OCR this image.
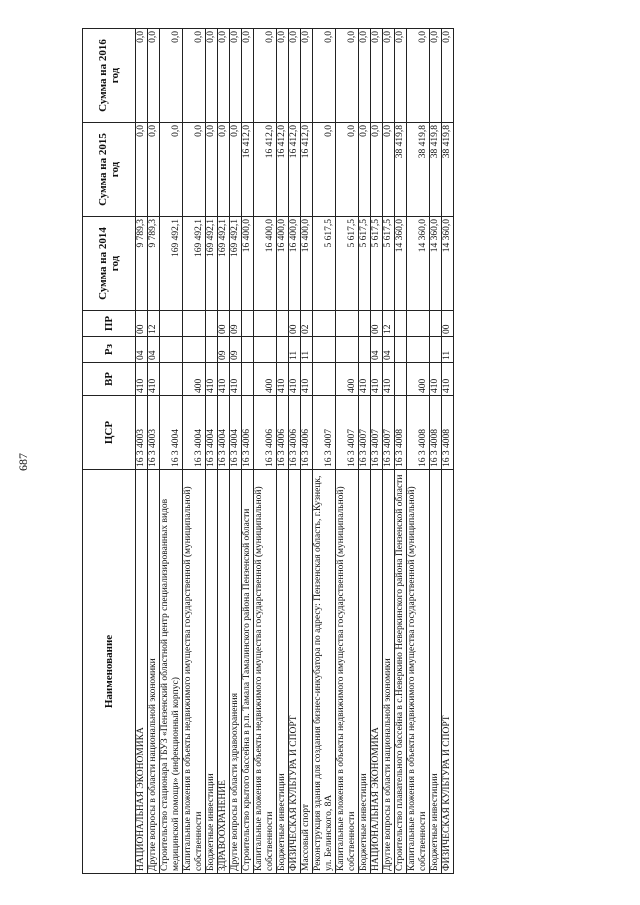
687
Наименование	ЦСР	ВР	Рз	ПР	Сумма на 2014 год	Сумма на 2015 год	Сумма на 2016 год
НАЦИОНАЛЬНАЯ ЭКОНОМИКА	16 3 4003	410	04	00	9 789,3	0,0	0,0
Другие вопросы в области национальной экономики	16 3 4003	410	04	12	9 789,3	0,0	0,0
Строительство стационара ГБУЗ «Пензенский областной центр специализированных видов медицинской помощи» (инфекционный корпус)	16 3 4004				169 492,1	0,0	0,0
Капитальные вложения в объекты недвижимого имущества государственной (муниципальной) собственности	16 3 4004	400			169 492,1	0,0	0,0
Бюджетные инвестиции	16 3 4004	410			169 492,1	0,0	0,0
ЗДРАВООХРАНЕНИЕ	16 3 4004	410	09	00	169 492,1	0,0	0,0
Другие вопросы в области здравоохранения	16 3 4004	410	09	09	169 492,1	0,0	0,0
Строительство крытого бассейна в р.п. Тамала Тамалинского района Пензенской области	16 3 4006				16 400,0	16 412,0	0,0
Капитальные вложения в объекты недвижимого имущества государственной (муниципальной) собственности	16 3 4006	400			16 400,0	16 412,0	0,0
Бюджетные инвестиции	16 3 4006	410			16 400,0	16 412,0	0,0
ФИЗИЧЕСКАЯ КУЛЬТУРА И СПОРТ	16 3 4006	410	11	00	16 400,0	16 412,0	0,0
Массовый спорт	16 3 4006	410	11	02	16 400,0	16 412,0	0,0
Реконструкция здания для создания бизнес-инкубатора по адресу: Пензенская область, г.Кузнецк, ул. Белинского, 8А	16 3 4007				5 617,5	0,0	0,0
Капитальные вложения в объекты недвижимого имущества государственной (муниципальной) собственности	16 3 4007	400			5 617,5	0,0	0,0
Бюджетные инвестиции	16 3 4007	410			5 617,5	0,0	0,0
НАЦИОНАЛЬНАЯ ЭКОНОМИКА	16 3 4007	410	04	00	5 617,5	0,0	0,0
Другие вопросы в области национальной экономики	16 3 4007	410	04	12	5 617,5	0,0	0,0
Строительство плавательного бассейна в с.Неверкино Неверкинского района Пензенской области	16 3 4008				14 360,0	38 419,8	0,0
Капитальные вложения в объекты недвижимого имущества государственной (муниципальной) собственности	16 3 4008	400			14 360,0	38 419,8	0,0
Бюджетные инвестиции	16 3 4008	410			14 360,0	38 419,8	0,0
ФИЗИЧЕСКАЯ КУЛЬТУРА И СПОРТ	16 3 4008	410	11	00	14 360,0	38 419,8	0,0
